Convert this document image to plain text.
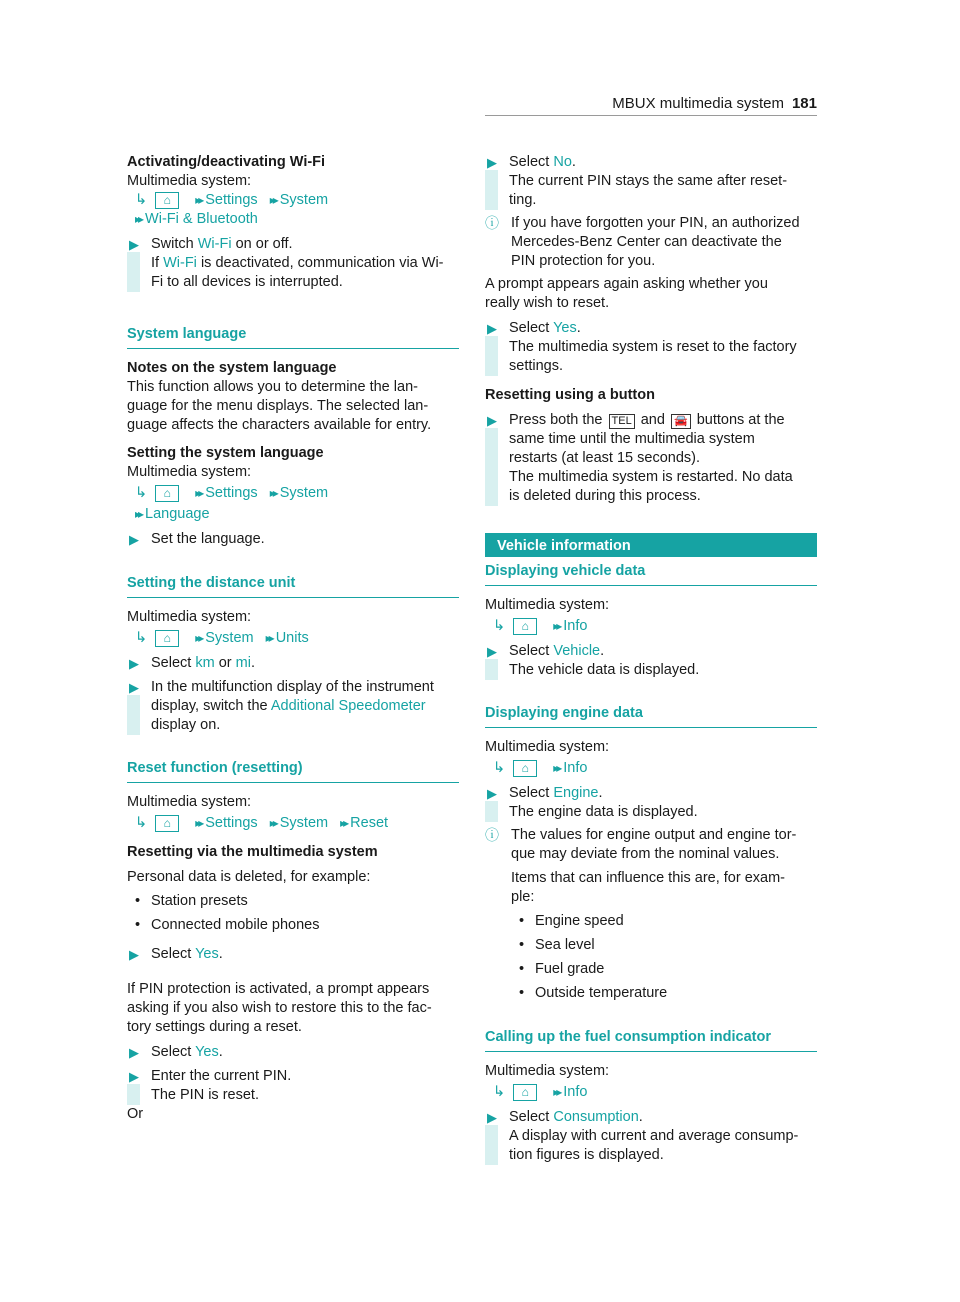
MBUX multimedia system 181
Activating/deactivating Wi-Fi
Multimedia system:
↳ ⌂ ▸▸ Settings ▸▸ System
▸▸ Wi-Fi & Bluetooth
▶ Switch Wi-Fi on or off.
If Wi-Fi is deactivated, communication via Wi-
Fi to all devices is interrupted.
System language
Notes on the system language
This function allows you to determine the lan-
guage for the menu displays. The selected lan-
guage affects the characters available for entry.
Setting the system language
Multimedia system:
↳ ⌂ ▸▸ Settings ▸▸ System
▸▸ Language
▶ Set the language.
Setting the distance unit
Multimedia system:
↳ ⌂ ▸▸ System ▸▸ Units
▶ Select km or mi.
▶ In the multifunction display of the instrument
display, switch the Additional Speedometer
display on.
Reset function (resetting)
Multimedia system:
↳ ⌂ ▸▸ Settings ▸▸ System ▸▸ Reset
Resetting via the multimedia system
Personal data is deleted, for example:
• Station presets
• Connected mobile phones
▶ Select Yes.
If PIN protection is activated, a prompt appears
asking if you also wish to restore this to the fac-
tory settings during a reset.
▶ Select Yes.
▶ Enter the current PIN.
The PIN is reset.
Or
▶ Select No.
The current PIN stays the same after reset-
ting.
ⓘ If you have forgotten your PIN, an authorized
Mercedes-Benz Center can deactivate the
PIN protection for you.
A prompt appears again asking whether you
really wish to reset.
▶ Select Yes.
The multimedia system is reset to the factory
settings.
Resetting using a button
▶ Press both the TEL and 🚘 buttons at the
same time until the multimedia system
restarts (at least 15 seconds).
The multimedia system is restarted. No data
is deleted during this process.
Vehicle information
Displaying vehicle data
Multimedia system:
↳ ⌂ ▸▸ Info
▶ Select Vehicle.
The vehicle data is displayed.
Displaying engine data
Multimedia system:
↳ ⌂ ▸▸ Info
▶ Select Engine.
The engine data is displayed.
ⓘ The values for engine output and engine tor-
que may deviate from the nominal values.
Items that can influence this are, for exam-
ple:
• Engine speed
• Sea level
• Fuel grade
• Outside temperature
Calling up the fuel consumption indicator
Multimedia system:
↳ ⌂ ▸▸ Info
▶ Select Consumption.
A display with current and average consump-
tion figures is displayed.
